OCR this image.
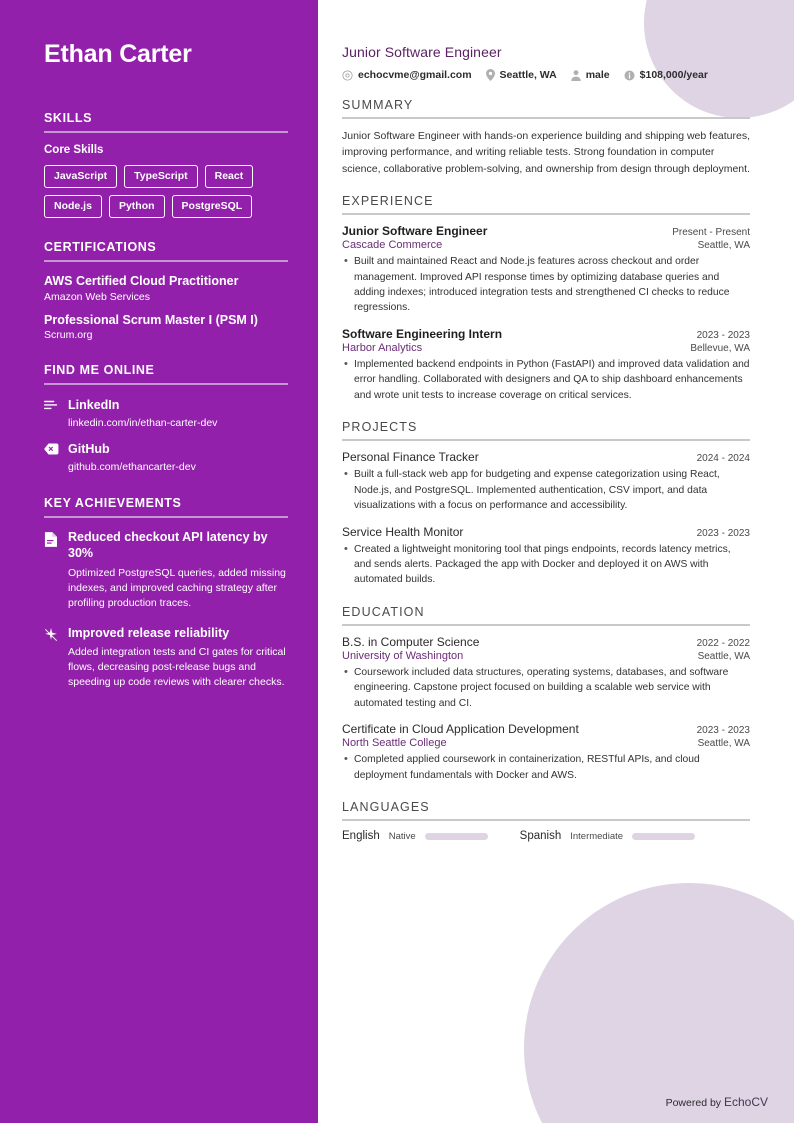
Ethan Carter
SKILLS
Core Skills
JavaScript	TypeScript	React
Node.js	Python	PostgreSQL
CERTIFICATIONS
AWS Certified Cloud Practitioner
Amazon Web Services
Professional Scrum Master I (PSM I)
Scrum.org
FIND ME ONLINE
LinkedIn
linkedin.com/in/ethan-carter-dev
GitHub
github.com/ethancarter-dev
KEY ACHIEVEMENTS
Reduced checkout API latency by 30%
Optimized PostgreSQL queries, added missing indexes, and improved caching strategy after profiling production traces.
Improved release reliability
Added integration tests and CI gates for critical flows, decreasing post-release bugs and speeding up code reviews with clearer checks.
Junior Software Engineer
echocvme@gmail.com	Seattle, WA	male	$108,000/year
SUMMARY

Junior Software Engineer with hands-on experience building and shipping web features, improving performance, and writing reliable tests. Strong foundation in computer science, collaborative problem-solving, and ownership from design through deployment.

EXPERIENCE
Junior Software Engineer	Present - Present
Cascade Commerce	Seattle, WA
• Built and maintained React and Node.js features across checkout and order management. Improved API response times by optimizing database queries and adding indexes; introduced integration tests and strengthened CI checks to reduce regressions.
Software Engineering Intern	2023 - 2023
Harbor Analytics	Bellevue, WA
• Implemented backend endpoints in Python (FastAPI) and improved data validation and error handling. Collaborated with designers and QA to ship dashboard enhancements and wrote unit tests to increase coverage on critical services.
PROJECTS
Personal Finance Tracker	2024 - 2024
• Built a full-stack web app for budgeting and expense categorization using React, Node.js, and PostgreSQL. Implemented authentication, CSV import, and data visualizations with a focus on performance and accessibility.
Service Health Monitor	2023 - 2023
• Created a lightweight monitoring tool that pings endpoints, records latency metrics, and sends alerts. Packaged the app with Docker and deployed it on AWS with automated builds.
EDUCATION
B.S. in Computer Science	2022 - 2022
University of Washington	Seattle, WA
• Coursework included data structures, operating systems, databases, and software engineering. Capstone project focused on building a scalable web service with automated testing and CI.
Certificate in Cloud Application Development	2023 - 2023
North Seattle College	Seattle, WA
• Completed applied coursework in containerization, RESTful APIs, and cloud deployment fundamentals with Docker and AWS.
LANGUAGES
English Native	Spanish Intermediate
Powered by EchoCV
